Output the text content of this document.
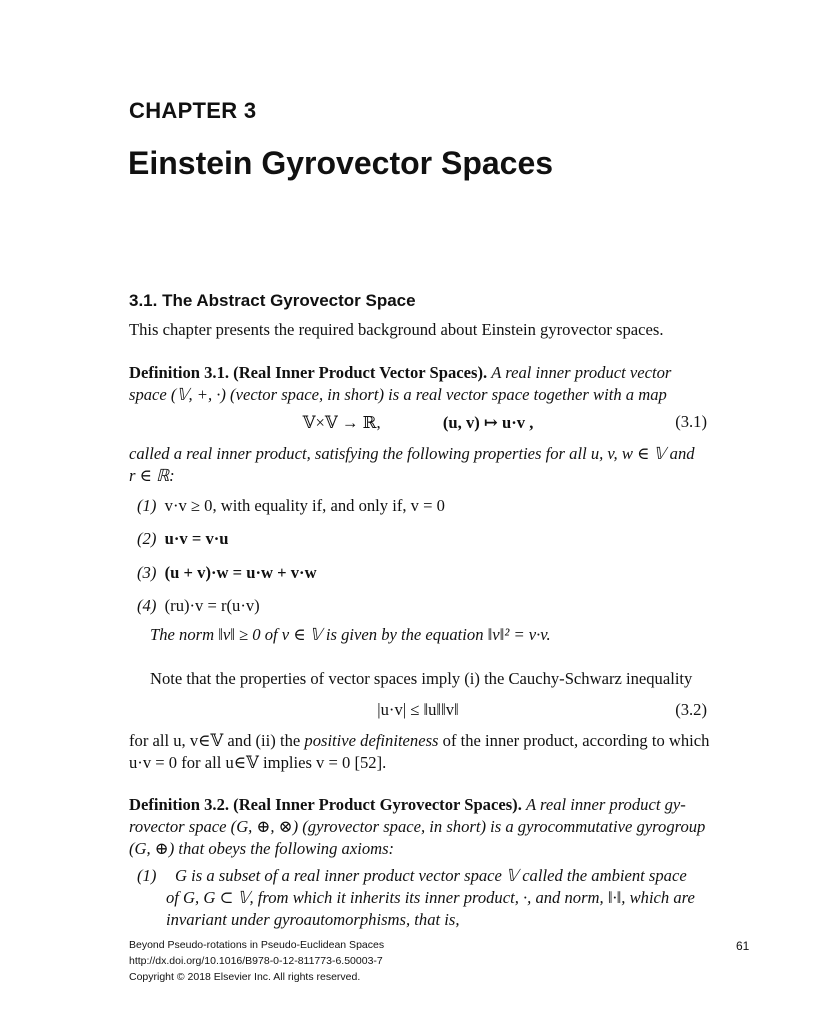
CHAPTER 3
Einstein Gyrovector Spaces
3.1. The Abstract Gyrovector Space
This chapter presents the required background about Einstein gyrovector spaces.
Definition 3.1. (Real Inner Product Vector Spaces). A real inner product vector
space (𝕍, +, ·) (vector space, in short) is a real vector space together with a map
𝕍×𝕍 → ℝ,	(u, v) ↦ u·v ,	(3.1)
called a real inner product, satisfying the following properties for all u, v, w ∈ 𝕍 and
r ∈ ℝ:
(1) v·v ≥ 0, with equality if, and only if, v = 0
(2) u·v = v·u
(3) (u + v)·w = u·w + v·w
(4) (ru)·v = r(u·v)
The norm ‖v‖ ≥ 0 of v ∈ 𝕍 is given by the equation ‖v‖² = v·v.
Note that the properties of vector spaces imply (i) the Cauchy-Schwarz inequality
|u·v| ≤ ‖u‖‖v‖	(3.2)
for all u, v∈𝕍 and (ii) the positive definiteness of the inner product, according to which
u·v = 0 for all u∈𝕍 implies v = 0 [52].
Definition 3.2. (Real Inner Product Gyrovector Spaces). A real inner product gy-
rovector space (G, ⊕, ⊗) (gyrovector space, in short) is a gyrocommutative gyrogroup
(G, ⊕) that obeys the following axioms:
(1) G is a subset of a real inner product vector space 𝕍 called the ambient space
of G, G ⊂ 𝕍, from which it inherits its inner product, ·, and norm, ‖·‖, which are
invariant under gyroautomorphisms, that is,
Beyond Pseudo-rotations in Pseudo-Euclidean Spaces
http://dx.doi.org/10.1016/B978-0-12-811773-6.50003-7
Copyright © 2018 Elsevier Inc. All rights reserved.
61
